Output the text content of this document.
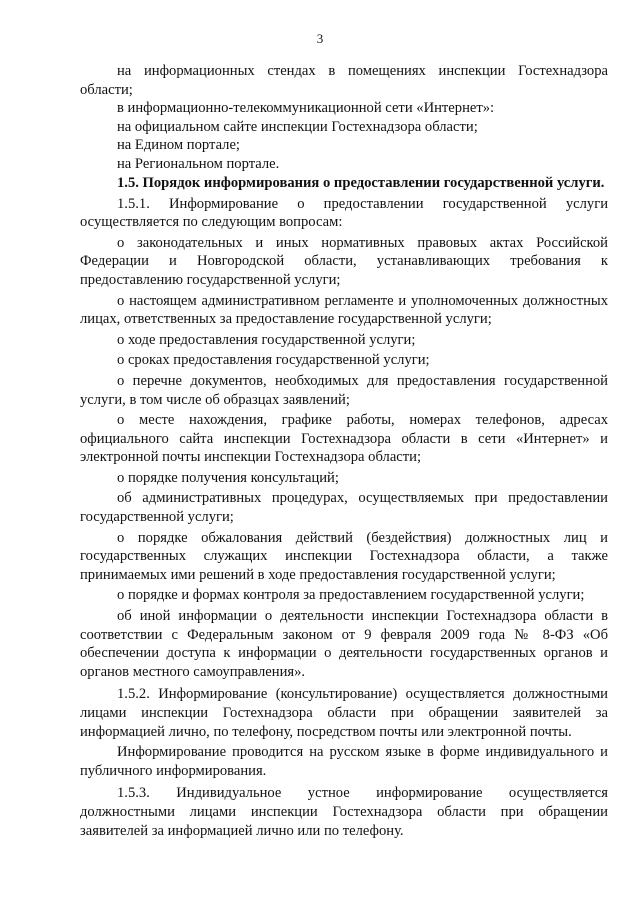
3

на информационных стендах в помещениях инспекции Гостехнадзора области;

в информационно-телекоммуникационной сети «Интернет»:

на официальном сайте инспекции Гостехнадзора области;

на Едином портале;

на Региональном портале.

1.5. Порядок информирования о предоставлении государственной услуги.

1.5.1. Информирование о предоставлении государственной услуги осуществляется по следующим вопросам:

о законодательных и иных нормативных правовых актах Российской Федерации и Новгородской области, устанавливающих требования к предоставлению государственной услуги;

о настоящем административном регламенте и уполномоченных должностных лицах, ответственных за предоставление государственной услуги;

о ходе предоставления государственной услуги;

о сроках предоставления государственной услуги;

о перечне документов, необходимых для предоставления государственной услуги, в том числе об образцах заявлений;

о месте нахождения, графике работы, номерах телефонов, адресах официального сайта инспекции Гостехнадзора области в сети «Интернет» и электронной почты инспекции Гостехнадзора области;

о порядке получения консультаций;

об административных процедурах, осуществляемых при предоставлении государственной услуги;

о порядке обжалования действий (бездействия) должностных лиц и государственных служащих инспекции Гостехнадзора области, а также принимаемых ими решений в ходе предоставления государственной услуги;

о порядке и формах контроля за предоставлением государственной услуги;

об иной информации о деятельности инспекции Гостехнадзора области в соответствии с Федеральным законом от 9 февраля 2009 года № 8-ФЗ «Об обеспечении доступа к информации о деятельности государственных органов и органов местного самоуправления».

1.5.2. Информирование (консультирование) осуществляется должностными лицами инспекции Гостехнадзора области при обращении заявителей за информацией лично, по телефону, посредством почты или электронной почты.

Информирование проводится на русском языке в форме индивидуального и публичного информирования.

1.5.3. Индивидуальное устное информирование осуществляется должностными лицами инспекции Гостехнадзора области при обращении заявителей за информацией лично или по телефону.
